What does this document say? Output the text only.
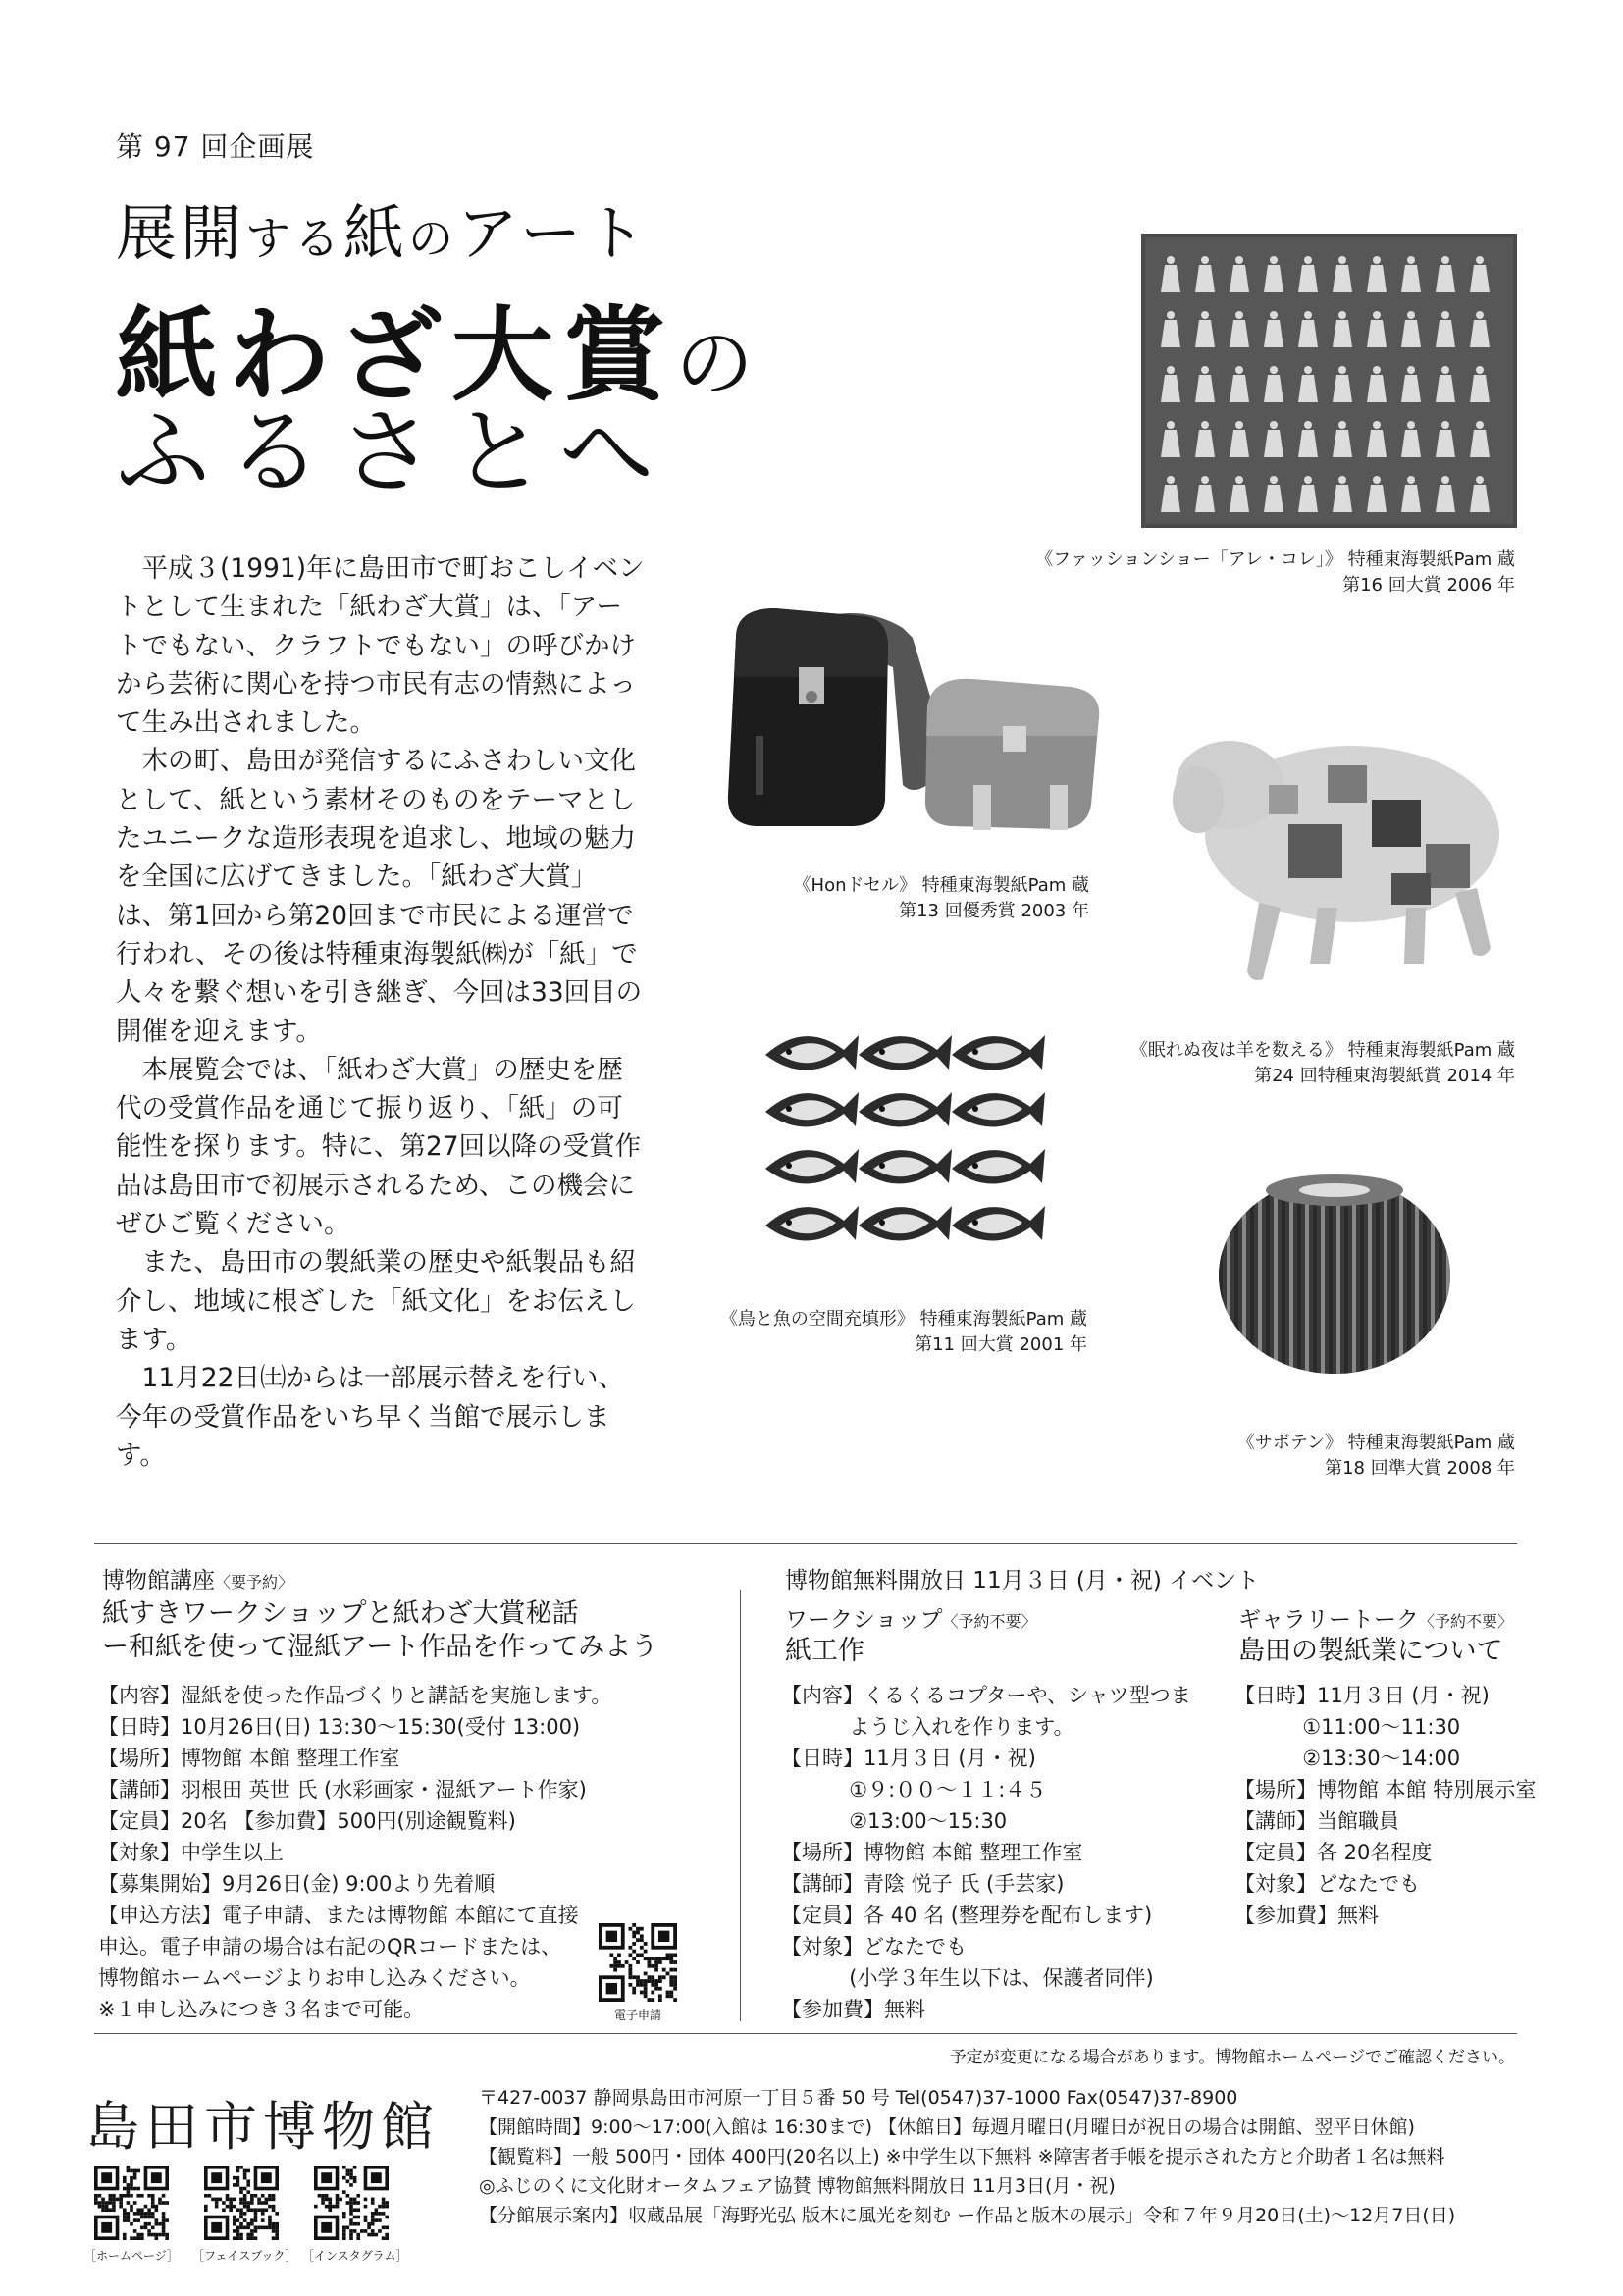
第 97 回企画展
展開する紙のアート
紙わざ大賞の
ふるさとへ

平成３(1991)年に島田市で町おこしイベントとして生まれた「紙わざ大賞」は、「アートでもない、クラフトでもない」の呼びかけから芸術に関心を持つ市民有志の情熱によって生み出されました。

木の町、島田が発信するにふさわしい文化として、紙という素材そのものをテーマとしたユニークな造形表現を追求し、地域の魅力を全国に広げてきました。「紙わざ大賞」は、第1回から第20回まで市民による運営で行われ、その後は特種東海製紙㈱が「紙」で人々を繋ぐ想いを引き継ぎ、今回は33回目の開催を迎えます。

本展覧会では、「紙わざ大賞」の歴史を歴代の受賞作品を通じて振り返り、「紙」の可能性を探ります。特に、第27回以降の受賞作品は島田市で初展示されるため、この機会にぜひご覧ください。

また、島田市の製紙業の歴史や紙製品も紹介し、地域に根ざした「紙文化」をお伝えします。

11月22日㈯からは一部展示替えを行い、今年の受賞作品をいち早く当館で展示します。

《ファッションショー「アレ・コレ」》 特種東海製紙Pam 蔵
第16 回大賞 2006 年
《Honドセル》 特種東海製紙Pam 蔵
第13 回優秀賞 2003 年
《眠れぬ夜は羊を数える》 特種東海製紙Pam 蔵
第24 回特種東海製紙賞 2014 年
《鳥と魚の空間充填形》 特種東海製紙Pam 蔵
第11 回大賞 2001 年
《サボテン》 特種東海製紙Pam 蔵
第18 回準大賞 2008 年
博物館講座〈要予約〉
紙すきワークショップと紙わざ大賞秘話
ー和紙を使って湿紙アート作品を作ってみよう
【内容】湿紙を使った作品づくりと講話を実施します。
【日時】10月26日(日) 13:30～15:30(受付 13:00)
【場所】博物館 本館 整理工作室
【講師】羽根田 英世 氏 (水彩画家・湿紙アート作家)
【定員】20名 【参加費】500円(別途観覧料)
【対象】中学生以上
【募集開始】9月26日(金) 9:00より先着順
【申込方法】電子申請、または博物館 本館にて直接
申込。電子申請の場合は右記のQRコードまたは、
博物館ホームページよりお申し込みください。
※１申し込みにつき３名まで可能。	電子申請
博物館無料開放日 11月３日 (月・祝) イベント
ワークショップ〈予約不要〉
紙工作
【内容】くるくるコプターや、シャツ型つま
ようじ入れを作ります。
【日時】11月３日 (月・祝)
①９:００～１１:４５
②13:00～15:30
【場所】博物館 本館 整理工作室
【講師】青陰 悦子 氏 (手芸家)
【定員】各 40 名 (整理券を配布します)
【対象】どなたでも
(小学３年生以下は、保護者同伴)
【参加費】無料
ギャラリートーク〈予約不要〉
島田の製紙業について
【日時】11月３日 (月・祝)
①11:00～11:30
②13:30～14:00
【場所】博物館 本館 特別展示室
【講師】当館職員
【定員】各 20名程度
【対象】どなたでも
【参加費】無料
予定が変更になる場合があります。博物館ホームページでご確認ください。
島田市博物館 〒427-0037 静岡県島田市河原一丁目５番 50 号 Tel(0547)37-1000 Fax(0547)37-8900
【開館時間】9:00～17:00(入館は 16:30まで) 【休館日】毎週月曜日(月曜日が祝日の場合は開館、翌平日休館)
【観覧料】一般 500円・団体 400円(20名以上) ※中学生以下無料 ※障害者手帳を提示された方と介助者１名は無料
◎ふじのくに文化財オータムフェア協賛 博物館無料開放日 11月3日(月・祝)
【分館展示案内】収蔵品展「海野光弘 版木に風光を刻む ー作品と版木の展示」令和７年９月20日(土)～12月7日(日)
［ホームページ］ ［フェイスブック］ ［インスタグラム］
